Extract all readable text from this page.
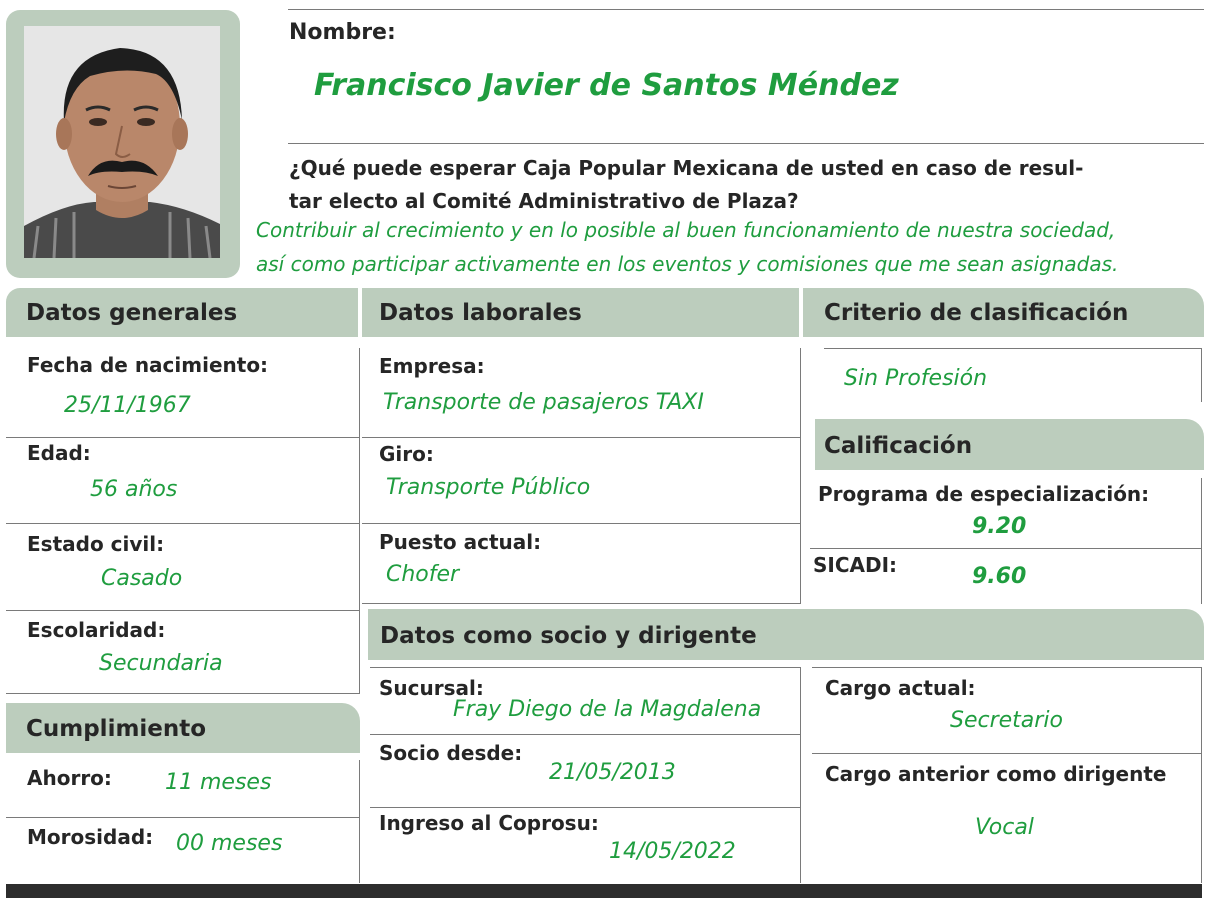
Nombre:
Francisco Javier de Santos Méndez
¿Qué puede esperar Caja Popular Mexicana de usted en caso de resul-
tar electo al Comité Administrativo de Plaza?
Contribuir al crecimiento y en lo posible al buen funcionamiento de nuestra sociedad,
así como participar activamente en los eventos y comisiones que me sean asignadas.
Datos generales	Datos laborales	Criterio de clasificación
Fecha de nacimiento:
25/11/1967
Edad:
56 años
Estado civil:
Casado
Escolaridad:
Secundaria
Cumplimiento
Ahorro: 11 meses
Morosidad: 00 meses
Empresa:
Transporte de pasajeros TAXI
Giro:
Transporte Público
Puesto actual:
Chofer
Sin Profesión
Calificación
Programa de especialización:
9.20
SICADI:	9.60
Datos como socio y dirigente
Sucursal:
Fray Diego de la Magdalena
Socio desde:
21/05/2013
Ingreso al Coprosu:
14/05/2022
Cargo actual:
Secretario
Cargo anterior como dirigente
Vocal
